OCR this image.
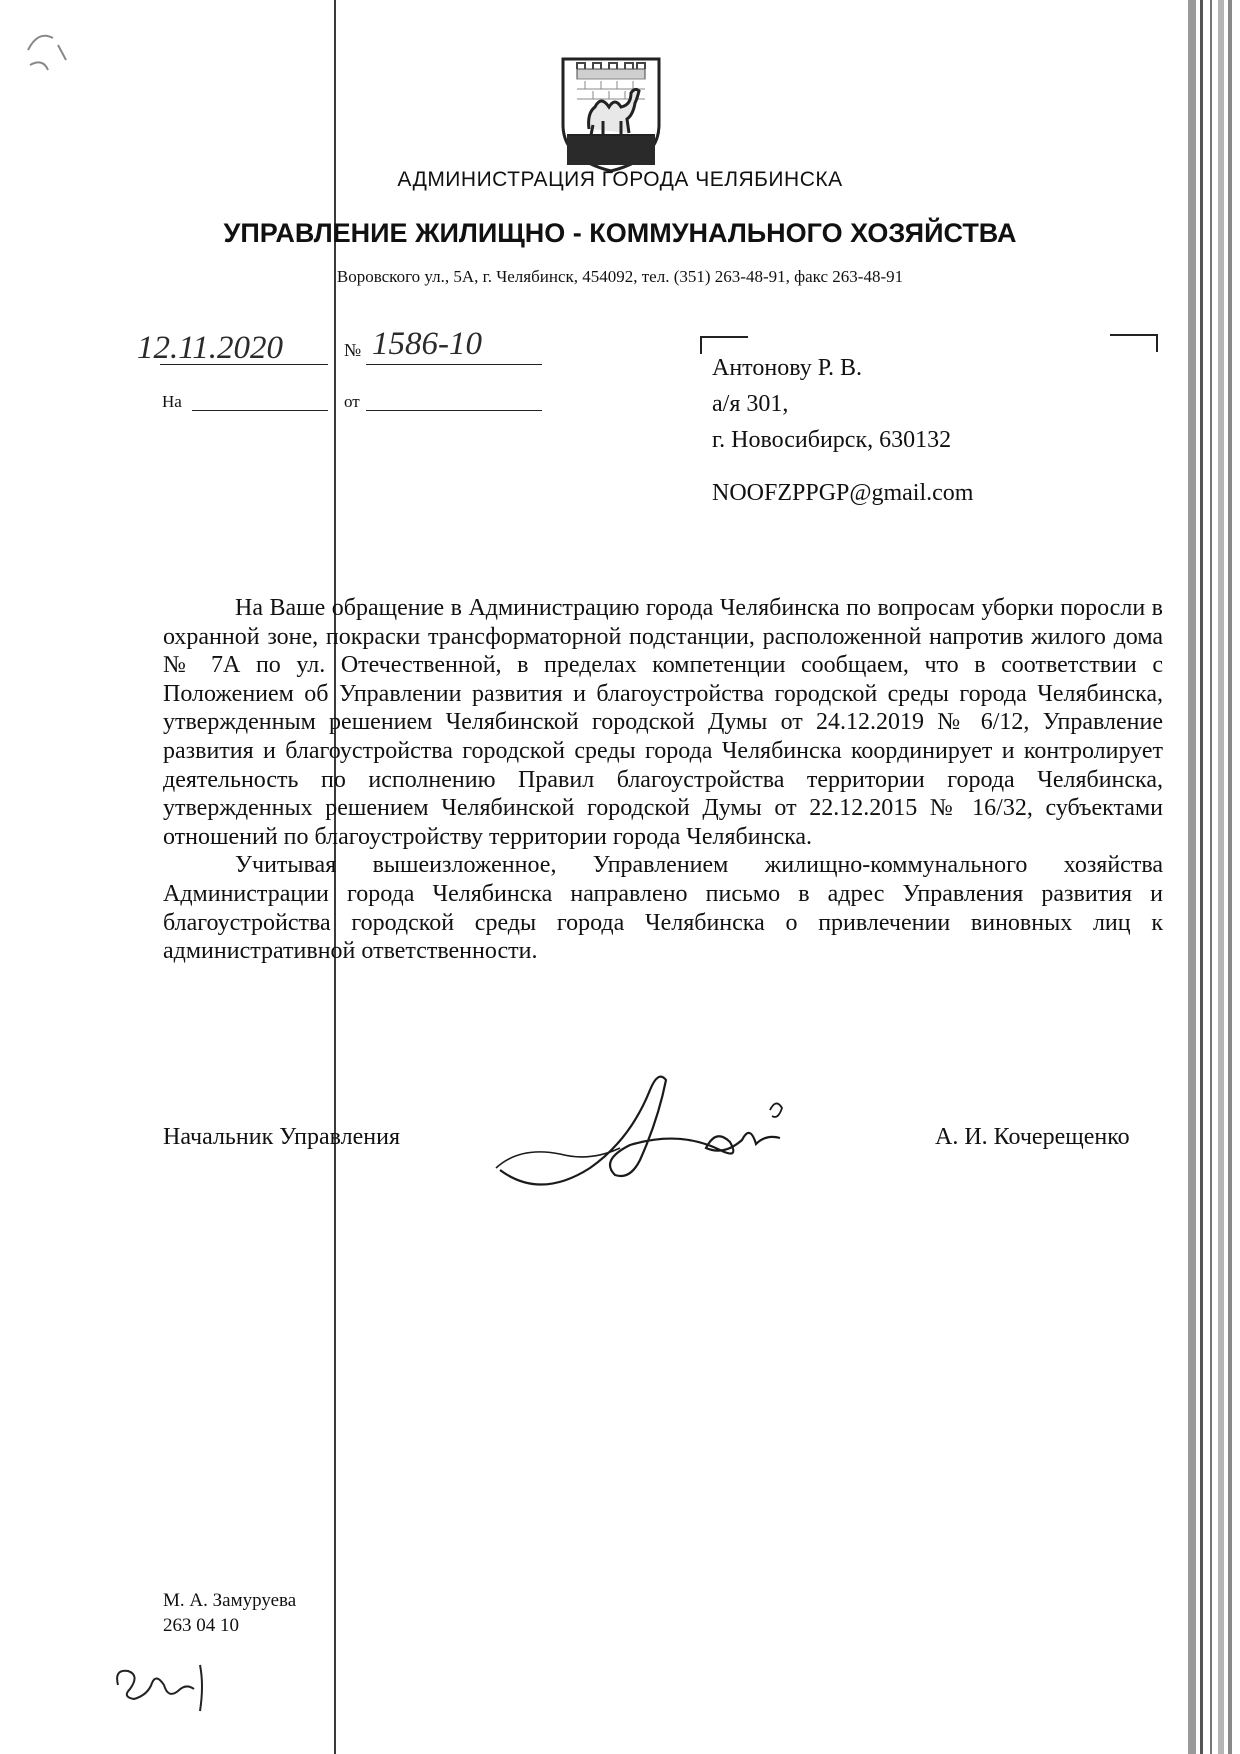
АДМИНИСТРАЦИЯ ГОРОДА ЧЕЛЯБИНСКА
УПРАВЛЕНИЕ ЖИЛИЩНО - КОММУНАЛЬНОГО ХОЗЯЙСТВА
Воровского ул., 5А, г. Челябинск, 454092, тел. (351) 263-48-91, факс 263-48-91
12.11.2020	№ 1586-10
На	от
Антонову Р. В.
а/я 301,
г. Новосибирск, 630132
NOOFZPPGP@gmail.com

На Ваше обращение в Администрацию города Челябинска по вопросам уборки поросли в охранной зоне, покраски трансформаторной подстанции, расположенной напротив жилого дома № 7А по ул. Отечественной, в пределах компетенции сообщаем, что в соответствии с Положением об Управлении развития и благоустройства городской среды города Челябинска, утвержденным решением Челябинской городской Думы от 24.12.2019 № 6/12, Управление развития и благоустройства городской среды города Челябинска координирует и контролирует деятельность по исполнению Правил благоустройства территории города Челябинска, утвержденных решением Челябинской городской Думы от 22.12.2015 № 16/32, субъектами отношений по благоустройству территории города Челябинска.

Учитывая вышеизложенное, Управлением жилищно-коммунального хозяйства Администрации города Челябинска направлено письмо в адрес Управления развития и благоустройства городской среды города Челябинска о привлечении виновных лиц к административной ответственности.

Начальник Управления	А. И. Кочерещенко
М. А. Замуруева
263 04 10
